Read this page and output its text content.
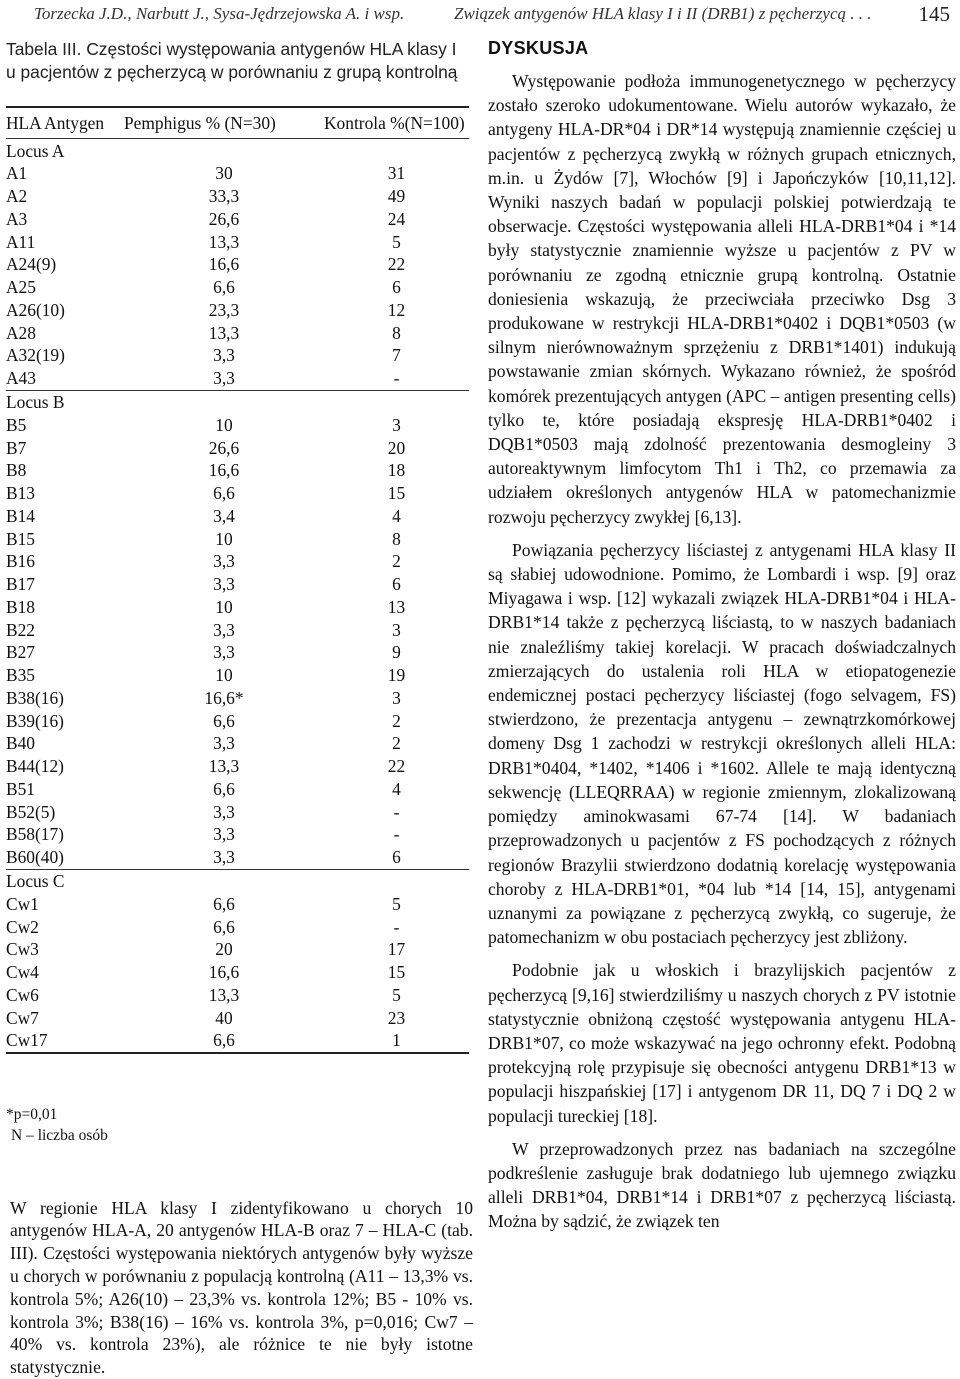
Torzecka J.D., Narbutt J., Sysa-Jędrzejowska A. i wsp.	Związek antygenów HLA klasy I i II (DRB1) z pęcherzycą . . . 145
Tabela III. Częstości występowania antygenów HLA klasy I
u pacjentów z pęcherzycą w porównaniu z grupą kontrolną
HLA Antygen	Pemphigus % (N=30)	Kontrola %(N=100)
Locus A		
A1	30	31
A2	33,3	49
A3	26,6	24
A11	13,3	5
A24(9)	16,6	22
A25	6,6	6
A26(10)	23,3	12
A28	13,3	8
A32(19)	3,3	7
A43	3,3	-
Locus B		
B5	10	3
B7	26,6	20
B8	16,6	18
B13	6,6	15
B14	3,4	4
B15	10	8
B16	3,3	2
B17	3,3	6
B18	10	13
B22	3,3	3
B27	3,3	9
B35	10	19
B38(16)	16,6*	3
B39(16)	6,6	2
B40	3,3	2
B44(12)	13,3	22
B51	6,6	4
B52(5)	3,3	-
B58(17)	3,3	-
B60(40)	3,3	6
Locus C		
Cw1	6,6	5
Cw2	6,6	-
Cw3	20	17
Cw4	16,6	15
Cw6	13,3	5
Cw7	40	23
Cw17	6,6	1
*p=0,01
N – liczba osób

W regionie HLA klasy I zidentyfikowano u chorych 10 antygenów HLA-A, 20 antygenów HLA-B oraz 7 – HLA-C (tab. III). Częstości występowania niektórych antygenów były wyższe u chorych w porównaniu z populacją kontrolną (A11 – 13,3% vs. kontrola 5%; A26(10) – 23,3% vs. kontrola 12%; B5 - 10% vs. kontrola 3%; B38(16) – 16% vs. kontrola 3%, p=0,016; Cw7 – 40% vs. kontrola 23%), ale różnice te nie były istotne statystycznie.

DYSKUSJA

Występowanie podłoża immunogenetycznego w pęcherzycy zostało szeroko udokumentowane. Wielu autorów wykazało, że antygeny HLA-DR*04 i DR*14 występują znamiennie częściej u pacjentów z pęcherzycą zwykłą w różnych grupach etnicznych, m.in. u Żydów [7], Włochów [9] i Japończyków [10,11,12]. Wyniki naszych badań w populacji polskiej potwierdzają te obserwacje. Częstości występowania alleli HLA-DRB1*04 i *14 były statystycznie znamiennie wyższe u pacjentów z PV w porównaniu ze zgodną etnicznie grupą kontrolną. Ostatnie doniesienia wskazują, że przeciwciała przeciwko Dsg 3 produkowane w restrykcji HLA-DRB1*0402 i DQB1*0503 (w silnym nierównoważnym sprzężeniu z DRB1*1401) indukują powstawanie zmian skórnych. Wykazano również, że spośród komórek prezentujących antygen (APC – antigen presenting cells) tylko te, które posiadają ekspresję HLA-DRB1*0402 i DQB1*0503 mają zdolność prezentowania desmogleiny 3 autoreaktywnym limfocytom Th1 i Th2, co przemawia za udziałem określonych antygenów HLA w patomechanizmie rozwoju pęcherzycy zwykłej [6,13].

Powiązania pęcherzycy liściastej z antygenami HLA klasy II są słabiej udowodnione. Pomimo, że Lombardi i wsp. [9] oraz Miyagawa i wsp. [12] wykazali związek HLA-DRB1*04 i HLA-DRB1*14 także z pęcherzycą liściastą, to w naszych badaniach nie znaleźliśmy takiej korelacji. W pracach doświadczalnych zmierzających do ustalenia roli HLA w etiopatogenezie endemicznej postaci pęcherzycy liściastej (fogo selvagem, FS) stwierdzono, że prezentacja antygenu – zewnątrzkomórkowej domeny Dsg 1 zachodzi w restrykcji określonych alleli HLA: DRB1*0404, *1402, *1406 i *1602. Allele te mają identyczną sekwencję (LLEQRRAA) w regionie zmiennym, zlokalizowaną pomiędzy aminokwasami 67-74 [14]. W badaniach przeprowadzonych u pacjentów z FS pochodzących z różnych regionów Brazylii stwierdzono dodatnią korelację występowania choroby z HLA-DRB1*01, *04 lub *14 [14, 15], antygenami uznanymi za powiązane z pęcherzycą zwykłą, co sugeruje, że patomechanizm w obu postaciach pęcherzycy jest zbliżony.

Podobnie jak u włoskich i brazylijskich pacjentów z pęcherzycą [9,16] stwierdziliśmy u naszych chorych z PV istotnie statystycznie obniżoną częstość występowania antygenu HLA-DRB1*07, co może wskazywać na jego ochronny efekt. Podobną protekcyjną rolę przypisuje się obecności antygenu DRB1*13 w populacji hiszpańskiej [17] i antygenom DR 11, DQ 7 i DQ 2 w populacji tureckiej [18].

W przeprowadzonych przez nas badaniach na szczególne podkreślenie zasługuje brak dodatniego lub ujemnego związku alleli DRB1*04, DRB1*14 i DRB1*07 z pęcherzycą liściastą. Można by sądzić, że związek ten
